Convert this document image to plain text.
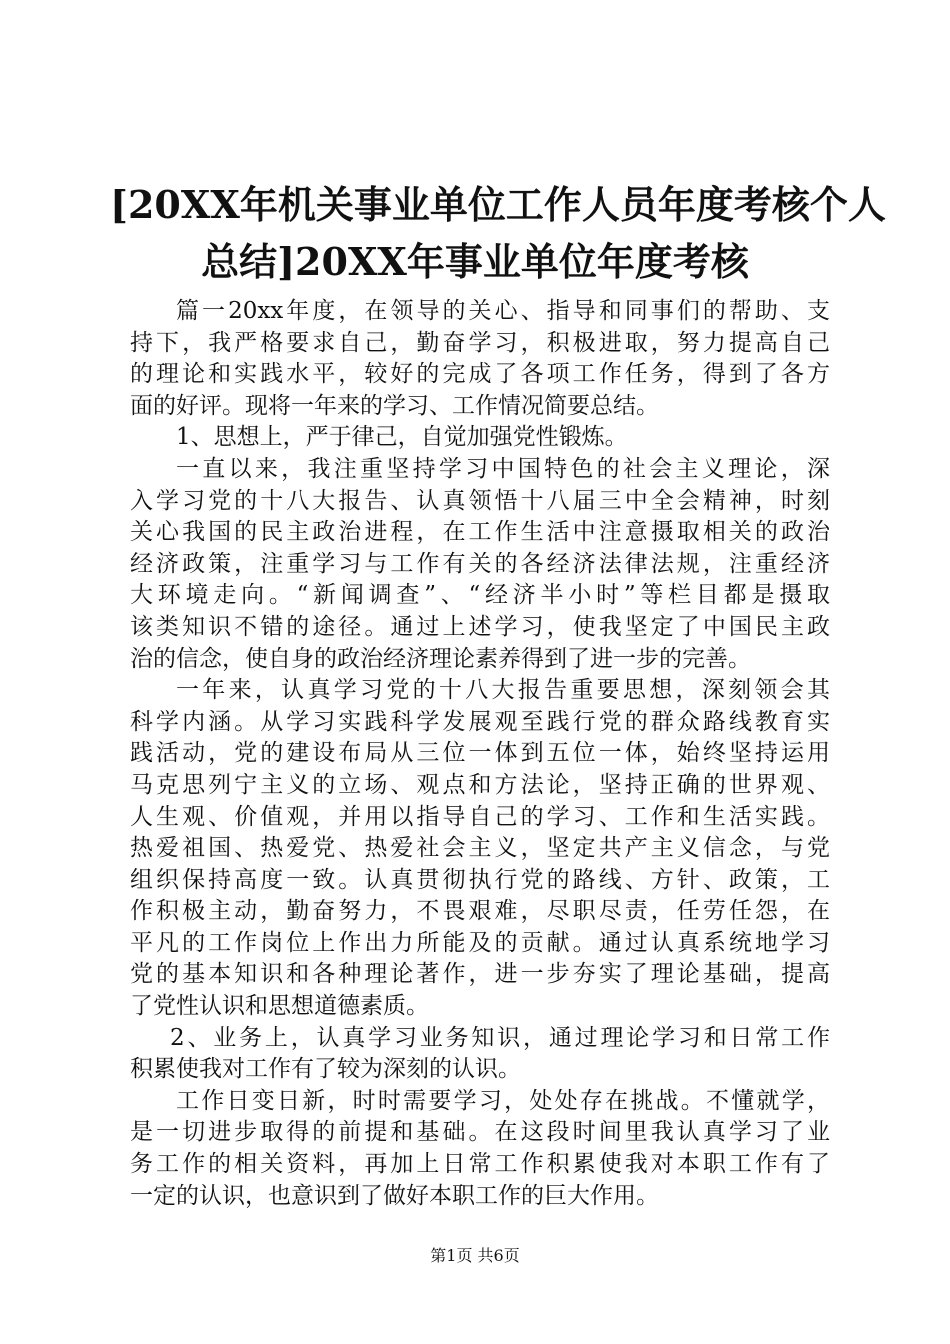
[20XX年机关事业单位工作人员年度考核个人
总结]20XX年事业单位年度考核
篇一20xx年度，在领导的关心、指导和同事们的帮助、支
持下，我严格要求自己，勤奋学习，积极进取，努力提高自己
的理论和实践水平，较好的完成了各项工作任务，得到了各方
面的好评。现将一年来的学习、工作情况简要总结。
1、思想上，严于律己，自觉加强党性锻炼。
一直以来，我注重坚持学习中国特色的社会主义理论，深
入学习党的十八大报告、认真领悟十八届三中全会精神，时刻
关心我国的民主政治进程，在工作生活中注意摄取相关的政治
经济政策，注重学习与工作有关的各经济法律法规，注重经济
大环境走向。“新闻调查”、“经济半小时”等栏目都是摄取
该类知识不错的途径。通过上述学习，使我坚定了中国民主政
治的信念，使自身的政治经济理论素养得到了进一步的完善。
一年来，认真学习党的十八大报告重要思想，深刻领会其
科学内涵。从学习实践科学发展观至践行党的群众路线教育实
践活动，党的建设布局从三位一体到五位一体，始终坚持运用
马克思列宁主义的立场、观点和方法论，坚持正确的世界观、
人生观、价值观，并用以指导自己的学习、工作和生活实践。
热爱祖国、热爱党、热爱社会主义，坚定共产主义信念，与党
组织保持高度一致。认真贯彻执行党的路线、方针、政策，工
作积极主动，勤奋努力，不畏艰难，尽职尽责，任劳任怨，在
平凡的工作岗位上作出力所能及的贡献。通过认真系统地学习
党的基本知识和各种理论著作，进一步夯实了理论基础，提高
了党性认识和思想道德素质。
2、业务上，认真学习业务知识，通过理论学习和日常工作
积累使我对工作有了较为深刻的认识。
工作日变日新，时时需要学习，处处存在挑战。不懂就学，
是一切进步取得的前提和基础。在这段时间里我认真学习了业
务工作的相关资料，再加上日常工作积累使我对本职工作有了
一定的认识，也意识到了做好本职工作的巨大作用。
第1页 共6页
